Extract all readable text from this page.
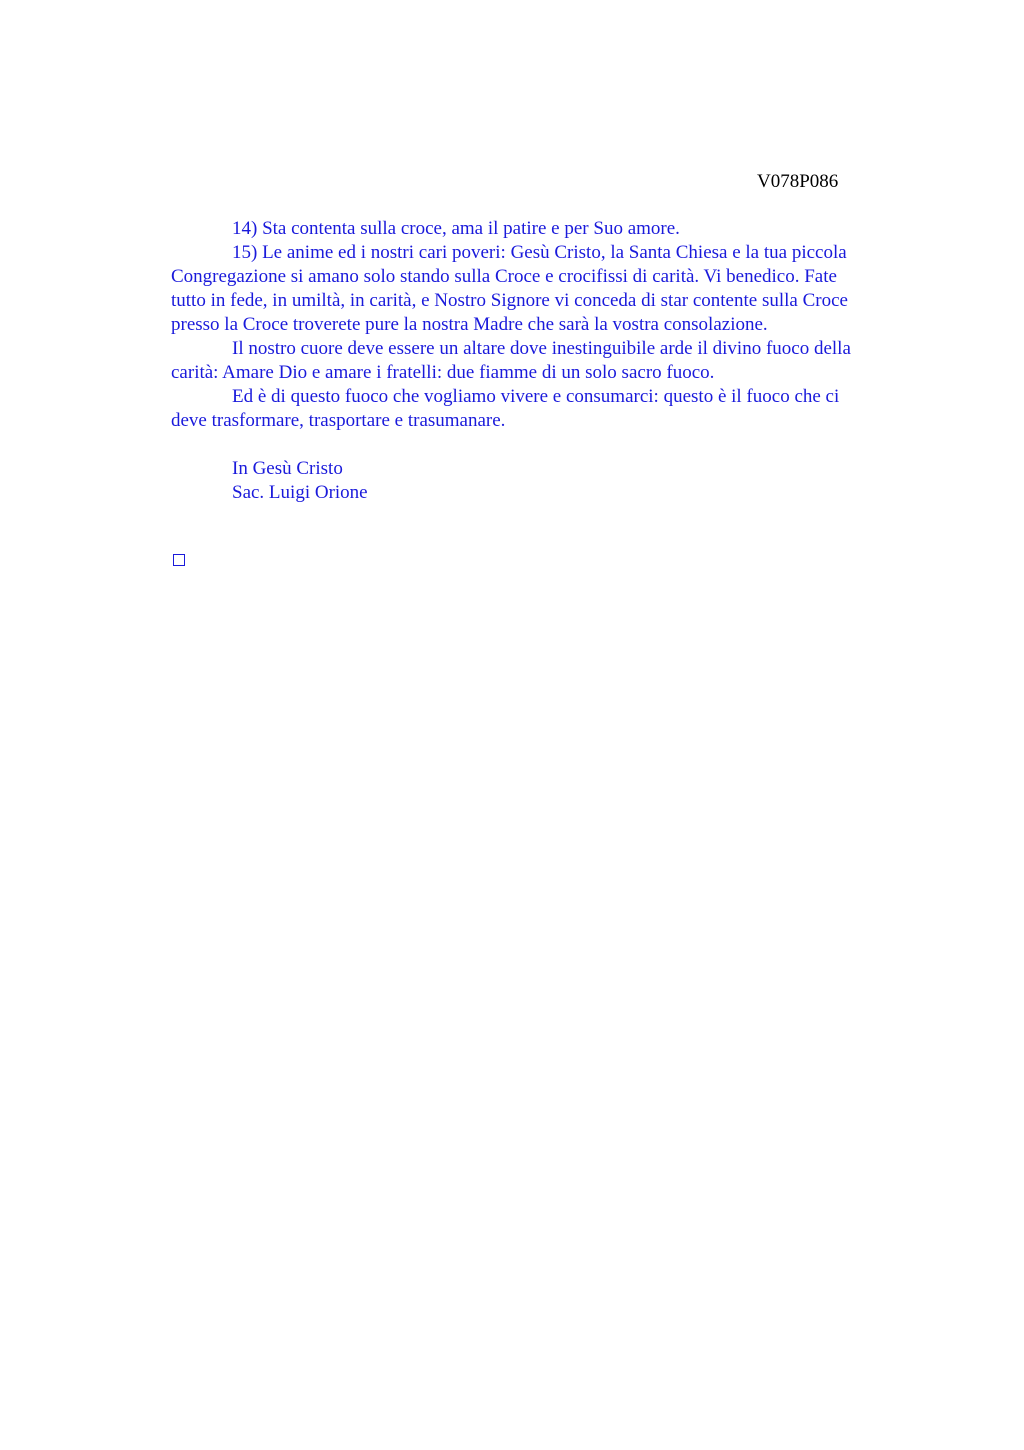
V078P086

14) Sta contenta sulla croce, ama il patire e per Suo amore.

15) Le anime ed i nostri cari poveri: Gesù Cristo, la Santa Chiesa e la tua piccola
Congregazione si amano solo stando sulla Croce e crocifissi di carità. Vi benedico. Fate
tutto in fede, in umiltà, in carità, e Nostro Signore vi conceda di star contente sulla Croce
presso la Croce troverete pure la nostra Madre che sarà la vostra consolazione.

Il nostro cuore deve essere un altare dove inestinguibile arde il divino fuoco della
carità: Amare Dio e amare i fratelli: due fiamme di un solo sacro fuoco.

Ed è di questo fuoco che vogliamo vivere e consumarci: questo è il fuoco che ci
deve trasformare, trasportare e trasumanare.

In Gesù Cristo
Sac. Luigi Orione
